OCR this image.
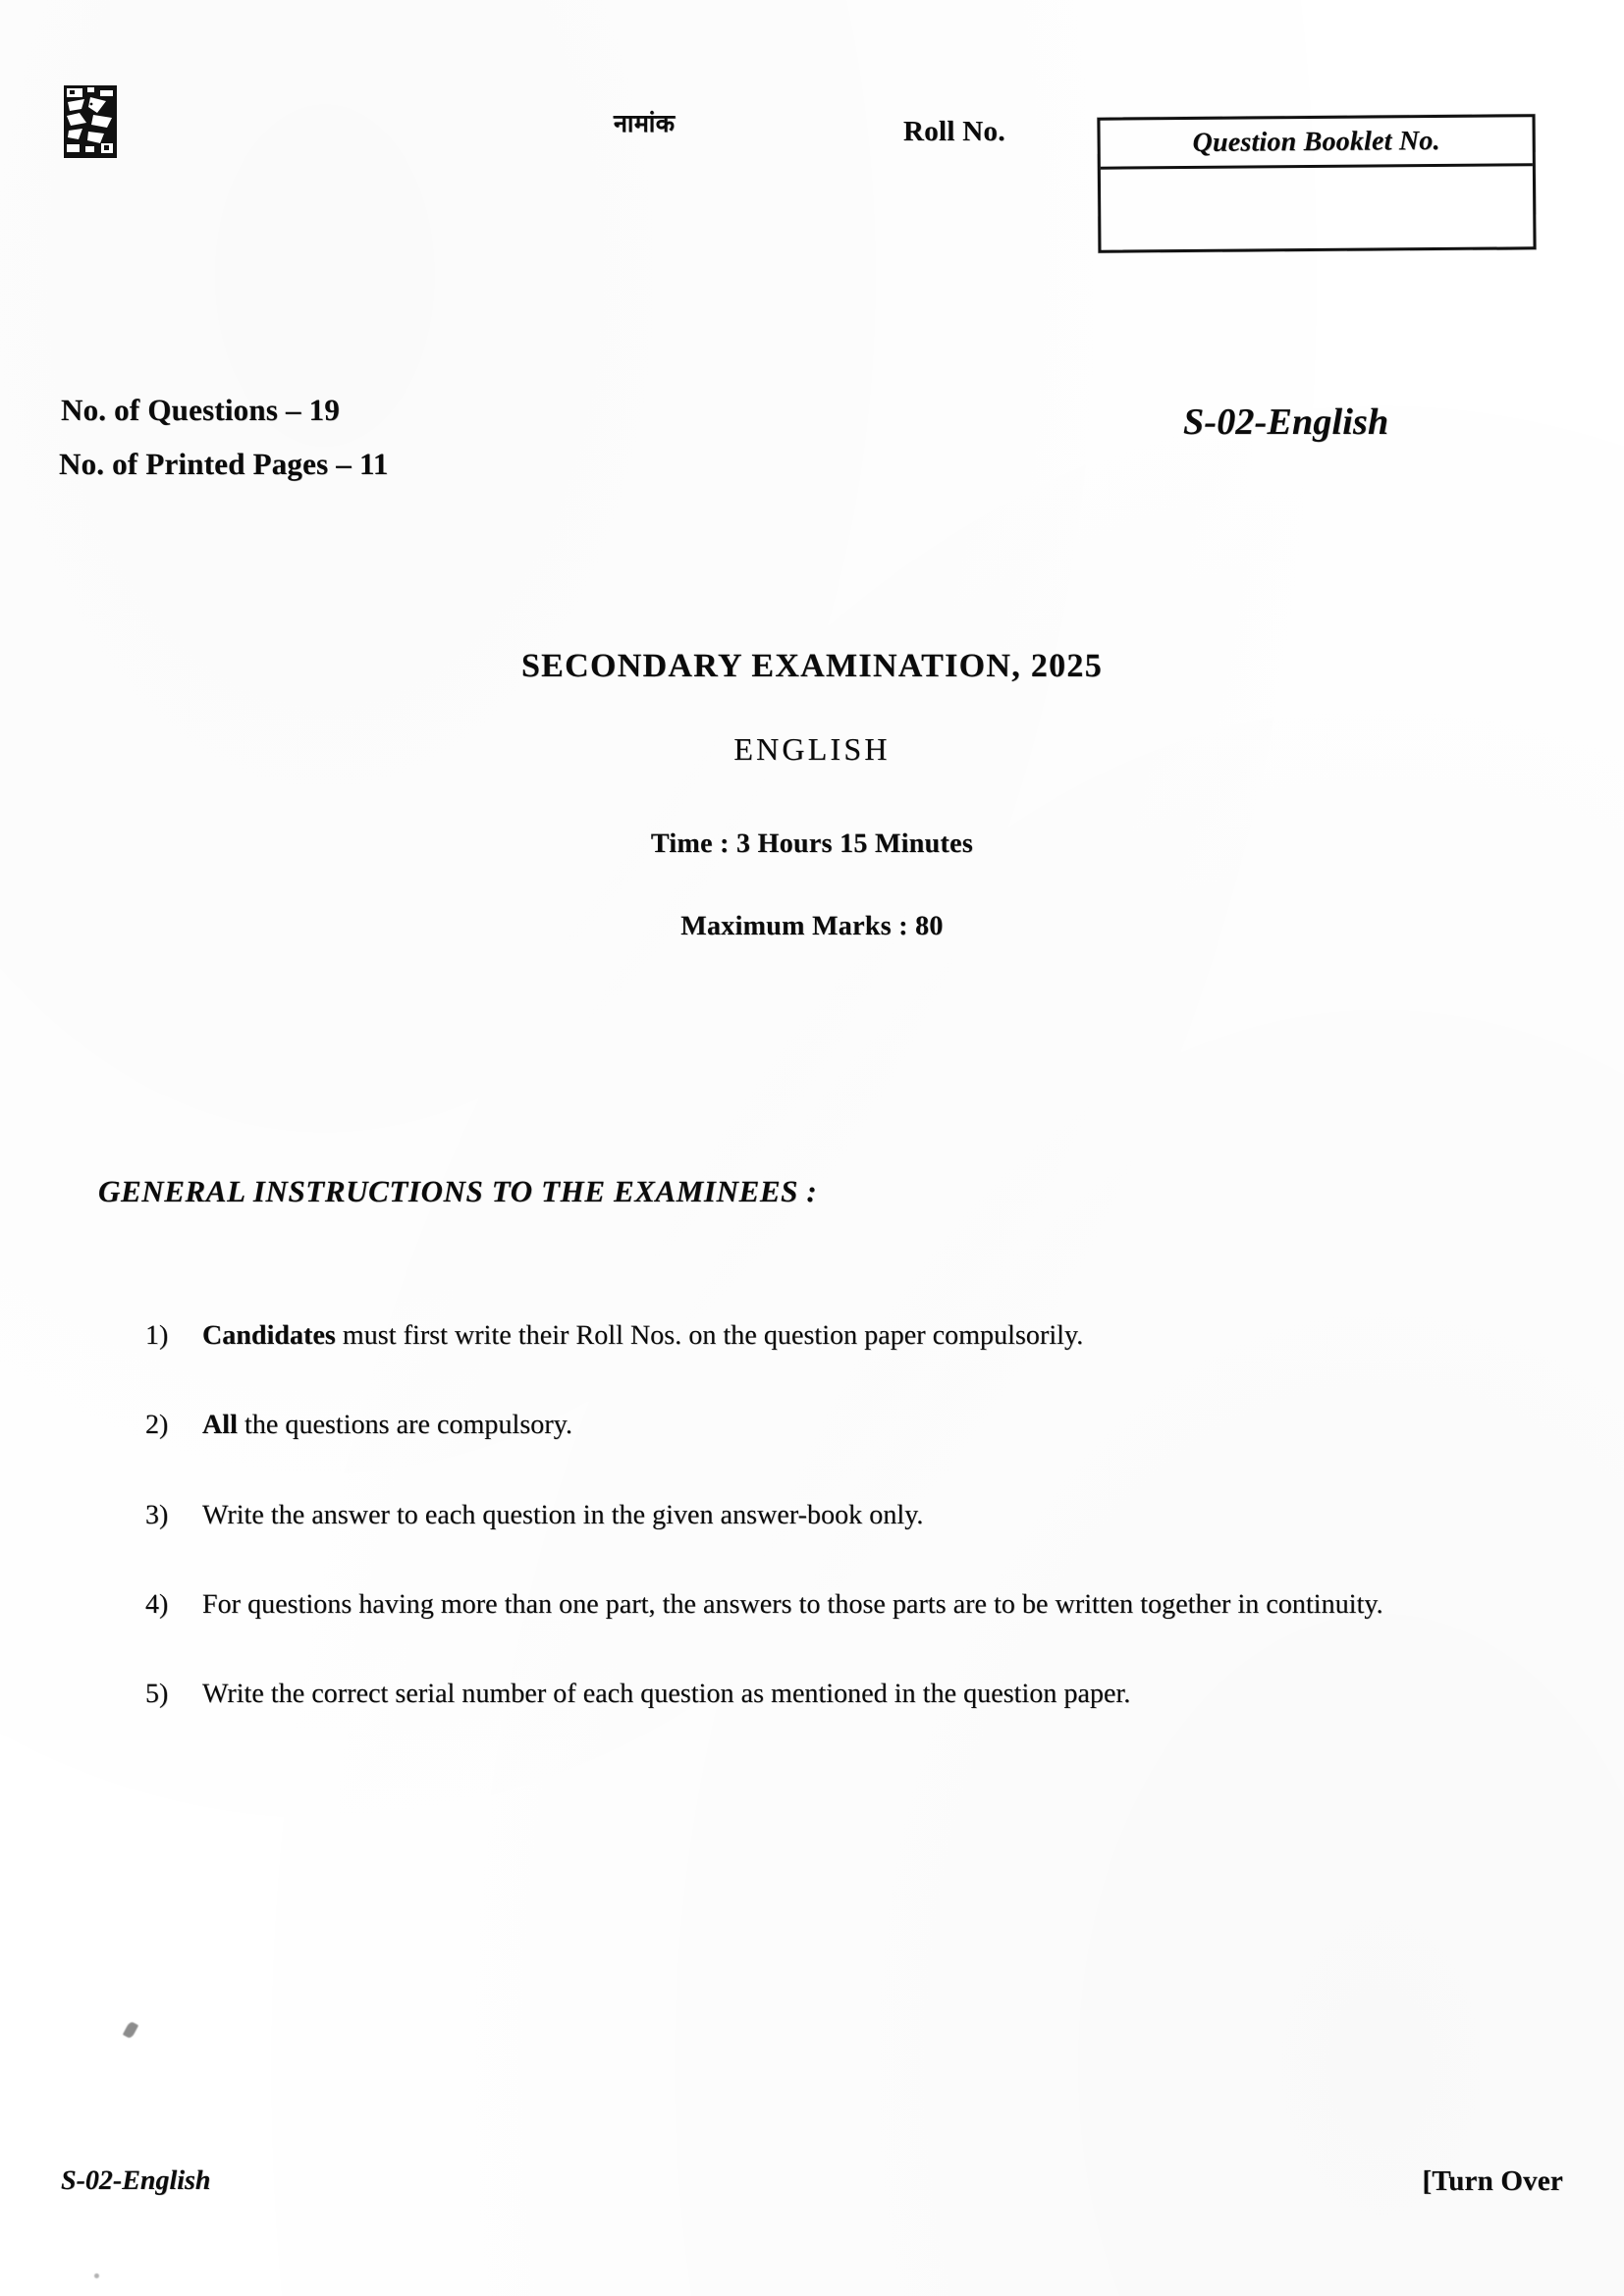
नामांक	Roll No.	Question Booklet No.
No. of Questions – 19
No. of Printed Pages – 11
S-02-English
SECONDARY EXAMINATION, 2025
ENGLISH
Time : 3 Hours 15 Minutes
Maximum Marks : 80
GENERAL INSTRUCTIONS TO THE EXAMINEES :
1)	Candidates must first write their Roll Nos. on the question paper compulsorily.
2)	All the questions are compulsory.
3)	Write the answer to each question in the given answer-book only.
4)	For questions having more than one part, the answers to those parts are to be written together in continuity.
5)	Write the correct serial number of each question as mentioned in the question paper.
S-02-English	[Turn Over
